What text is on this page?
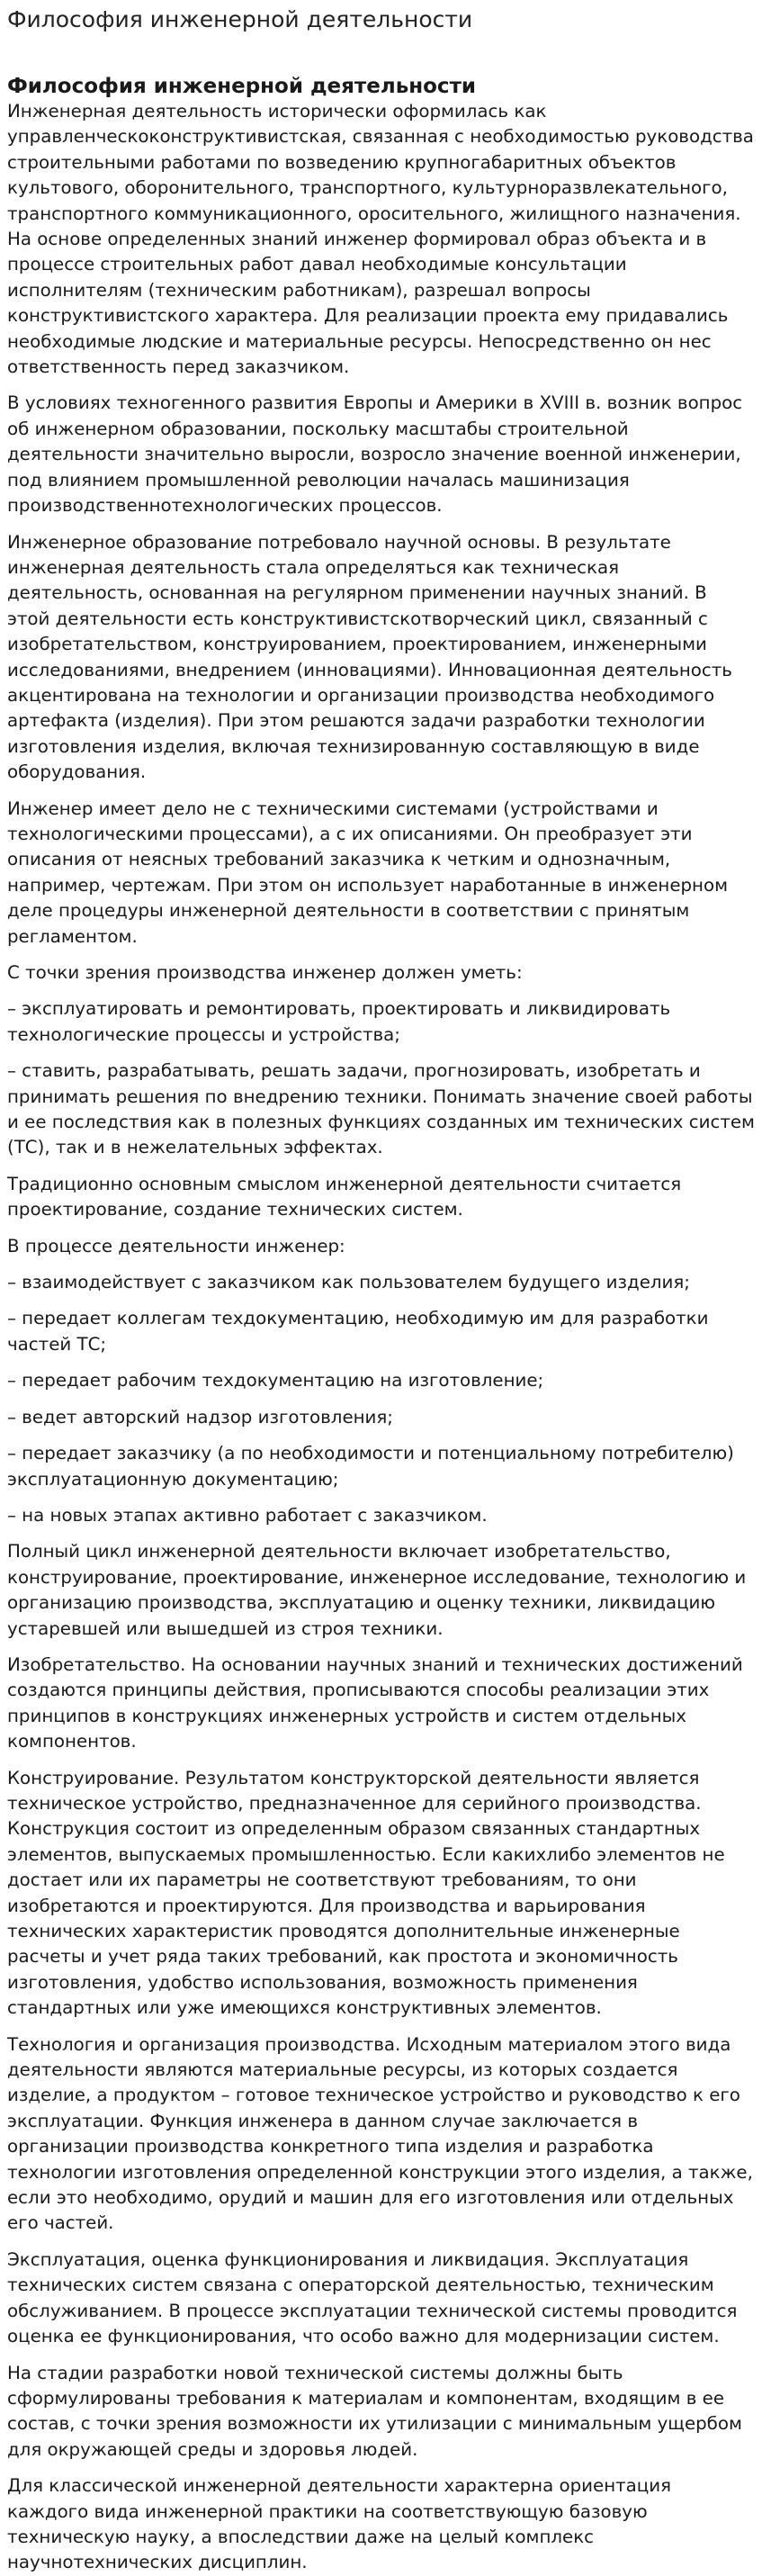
Философия инженерной деятельности
Философия инженерной деятельности

Инженерная деятельность исторически оформилась как управленческоконструктивистская, связанная с необходимостью руководства строительными работами по возведению крупногабаритных объектов культового, оборонительного, транспортного, культурноразвлекательного, транспортного коммуникационного, оросительного, жилищного назначения. На основе определенных знаний инженер формировал образ объекта и в процессе строительных работ давал необходимые консультации исполнителям (техническим работникам), разрешал вопросы конструктивистского характера. Для реализации проекта ему придавались необходимые людские и материальные ресурсы. Непосредственно он нес ответственность перед заказчиком.

В условиях техногенного развития Европы и Америки в XVIII в. возник вопрос об инженерном образовании, поскольку масштабы строительной деятельности значительно выросли, возросло значение военной инженерии, под влиянием промышленной революции началась машинизация производственнотехнологических процессов.

Инженерное образование потребовало научной основы. В результате инженерная деятельность стала определяться как техническая деятельность, основанная на регулярном применении научных знаний. В этой деятельности есть конструктивистскотворческий цикл, связанный с изобретательством, конструированием, проектированием, инженерными исследованиями, внедрением (инновациями). Инновационная деятельность акцентирована на технологии и организации производства необходимого артефакта (изделия). При этом решаются задачи разработки технологии изготовления изделия, включая технизированную составляющую в виде оборудования.

Инженер имеет дело не с техническими системами (устройствами и технологическими процессами), а с их описаниями. Он преобразует эти описания от неясных требований заказчика к четким и однозначным, например, чертежам. При этом он использует наработанные в инженерном деле процедуры инженерной деятельности в соответствии с принятым регламентом.

С точки зрения производства инженер должен уметь:

– эксплуатировать и ремонтировать, проектировать и ликвидировать технологические процессы и устройства;

– ставить, разрабатывать, решать задачи, прогнозировать, изобретать и принимать решения по внедрению техники. Понимать значение своей работы и ее последствия как в полезных функциях созданных им технических систем (ТС), так и в нежелательных эффектах.

Традиционно основным смыслом инженерной деятельности считается проектирование, создание технических систем.

В процессе деятельности инженер:

– взаимодействует с заказчиком как пользователем будущего изделия;

– передает коллегам техдокументацию, необходимую им для разработки частей ТС;

– передает рабочим техдокументацию на изготовление;

– ведет авторский надзор изготовления;

– передает заказчику (а по необходимости и потенциальному потребителю) эксплуатационную документацию;

– на новых этапах активно работает с заказчиком.

Полный цикл инженерной деятельности включает изобретательство, конструирование, проектирование, инженерное исследование, технологию и организацию производства, эксплуатацию и оценку техники, ликвидацию устаревшей или вышедшей из строя техники.

Изобретательство. На основании научных знаний и технических достижений создаются принципы действия, прописываются способы реализации этих принципов в конструкциях инженерных устройств и систем отдельных компонентов.

Конструирование. Результатом конструкторской деятельности является техническое устройство, предназначенное для серийного производства. Конструкция состоит из определенным образом связанных стандартных элементов, выпускаемых промышленностью. Если какихлибо элементов не достает или их параметры не соответствуют требованиям, то они изобретаются и проектируются. Для производства и варьирования технических характеристик проводятся дополнительные инженерные расчеты и учет ряда таких требований, как простота и экономичность изготовления, удобство использования, возможность применения стандартных или уже имеющихся конструктивных элементов.

Технология и организация производства. Исходным материалом этого вида деятельности являются материальные ресурсы, из которых создается изделие, а продуктом – готовое техническое устройство и руководство к его эксплуатации. Функция инженера в данном случае заключается в организации производства конкретного типа изделия и разработка технологии изготовления определенной конструкции этого изделия, а также, если это необходимо, орудий и машин для его изготовления или отдельных его частей.

Эксплуатация, оценка функционирования и ликвидация. Эксплуатация технических систем связана с операторской деятельностью, техническим обслуживанием. В процессе эксплуатации технической системы проводится оценка ее функционирования, что особо важно для модернизации систем.

На стадии разработки новой технической системы должны быть сформулированы требования к материалам и компонентам, входящим в ее состав, с точки зрения возможности их утилизации с минимальным ущербом для окружающей среды и здоровья людей.

Для классической инженерной деятельности характерна ориентация каждого вида инженерной практики на соответствующую базовую техническую науку, а впоследствии даже на целый комплекс научнотехнических дисциплин.
